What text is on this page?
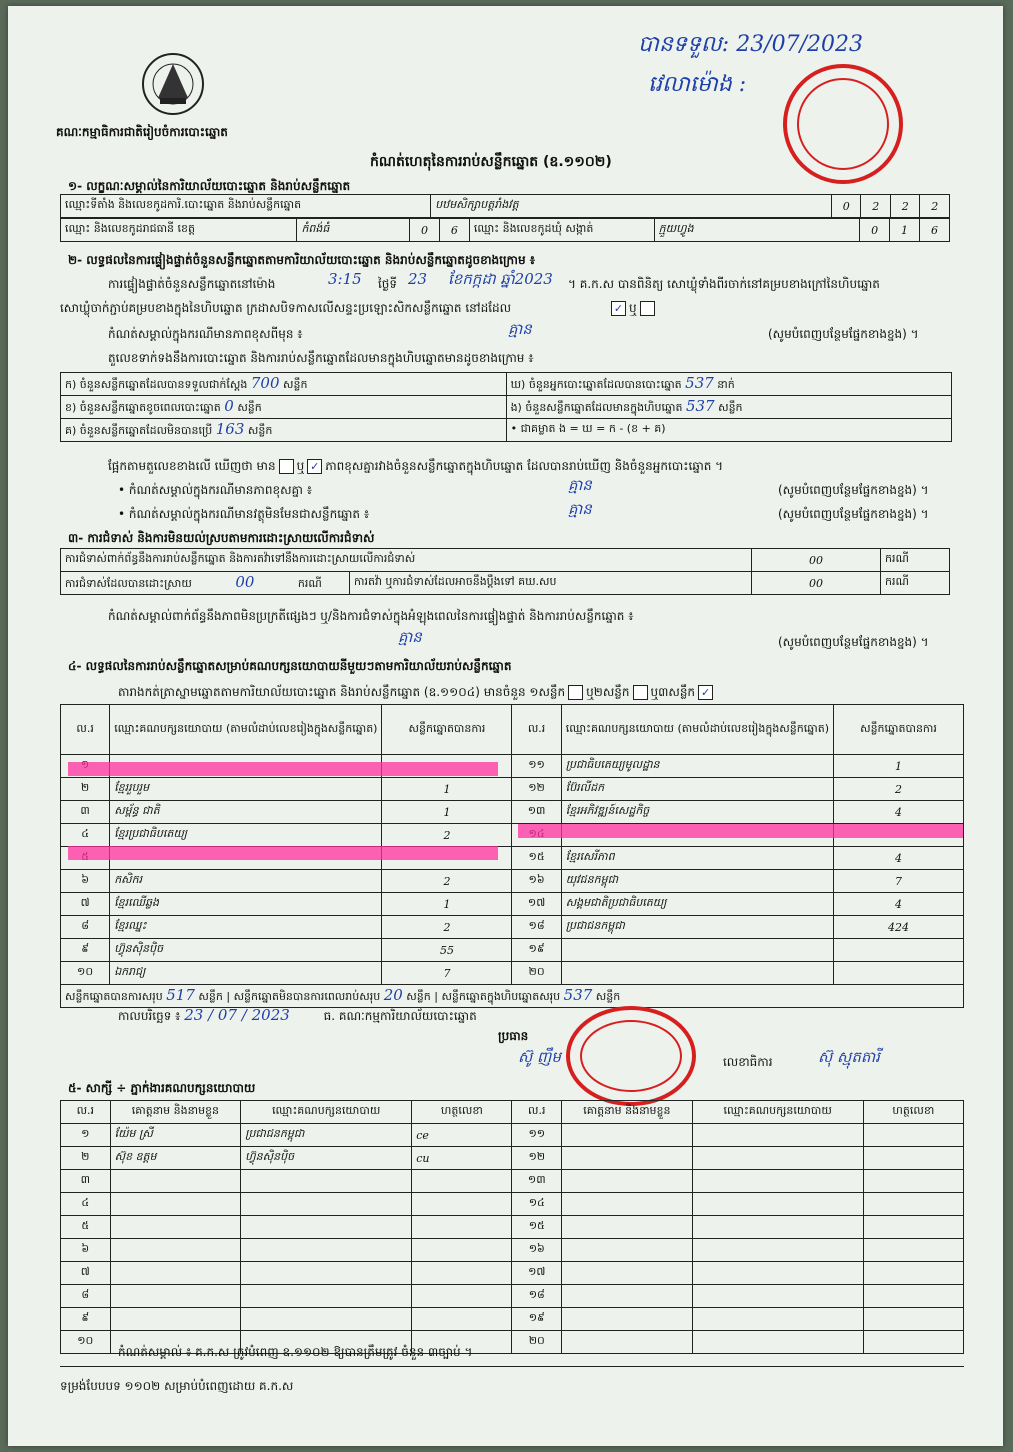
គណៈកម្មាធិការជាតិរៀបចំការបោះឆ្នោត
បានទទួល: 23/07/2023
វេលាម៉ោង :
កំណត់ហេតុនៃការរាប់សន្លឹកឆ្នោត (ឧ.១១០២)
១- លក្ខណៈសម្គាល់នៃការិយាល័យបោះឆ្នោត និងរាប់សន្លឹកឆ្នោត
ឈ្មោះទីតាំង និងលេខកូដការិ.បោះឆ្នោត និងរាប់សន្លឹកឆ្នោត	បឋមសិក្សាបត្តរាំងវត្ត	0	2	2	2
ឈ្មោះ និងលេខកូដរាជធានី ខេត្ត	កំពង់ធំ	0	6	ឈ្មោះ និងលេខកូដឃុំ សង្កាត់	ក្មួយហ្វូង	0	1	6
២- លទ្ធផលនៃការផ្ទៀងផ្ទាត់ចំនួនសន្លឹកឆ្នោតតាមការិយាល័យបោះឆ្នោត និងរាប់សន្លឹកឆ្នោតដូចខាងក្រោម ៖
ការផ្ទៀងផ្ទាត់ចំនួនសន្លឹកឆ្នោតនៅម៉ោង	3:15 ថ្ងៃទី 23 ខែកក្កដា ឆ្នាំ2023 ។ គ.ក.ស បានពិនិត្យ សោឃ្លុំទាំងពីរចាក់នៅគម្របខាងក្រៅនៃហិបឆ្នោត
សោឃ្លុំចាក់ភ្ជាប់គម្របខាងក្នុងនៃហិបឆ្នោត ក្រដាសបិទកាសលើសន្ទះប្រឡោះសិកសន្លឹកឆ្នោត នៅដដែល	✓ ឬ
កំណត់សម្គាល់ក្នុងករណីមានភាពខុសពីមុន ៖	គ្មាន	(សូមបំពេញបន្ថែមផ្នែកខាងខ្នង) ។
តួលេខទាក់ទងនឹងការបោះឆ្នោត និងការរាប់សន្លឹកឆ្នោតដែលមានក្នុងហិបឆ្នោតមានដូចខាងក្រោម ៖
ក) ចំនួនសន្លឹកឆ្នោតដែលបានទទួលជាក់ស្តែង 700 សន្លឹក	ឃ) ចំនួនអ្នកបោះឆ្នោតដែលបានបោះឆ្នោត 537 នាក់
ខ) ចំនួនសន្លឹកឆ្នោតខូចពេលបោះឆ្នោត 0 សន្លឹក	ង) ចំនួនសន្លឹកឆ្នោតដែលមានក្នុងហិបឆ្នោត 537 សន្លឹក
គ) ចំនួនសន្លឹកឆ្នោតដែលមិនបានប្រើ 163 សន្លឹក	• ជាគម្លាត ង = ឃ = ក - (ខ + គ)
ផ្អែកតាមតួលេខខាងលើ ឃើញថា មាន ឬ ✓ ភាពខុសគ្នារវាងចំនួនសន្លឹកឆ្នោតក្នុងហិបឆ្នោត ដែលបានរាប់ឃើញ និងចំនួនអ្នកបោះឆ្នោត ។
• កំណត់សម្គាល់ក្នុងករណីមានភាពខុសគ្នា ៖	គ្មាន	(សូមបំពេញបន្ថែមផ្នែកខាងខ្នង) ។
• កំណត់សម្គាល់ក្នុងករណីមានវត្ថុមិនមែនជាសន្លឹកឆ្នោត ៖	គ្មាន	(សូមបំពេញបន្ថែមផ្នែកខាងខ្នង) ។
៣- ការជំទាស់ និងការមិនយល់ស្របតាមការដោះស្រាយលើការជំទាស់
ការជំទាស់ពាក់ព័ន្ធនឹងការរាប់សន្លឹកឆ្នោត និងការតវ៉ាទៅនឹងការដោះស្រាយលើការជំទាស់		00	ករណី
ការជំទាស់ដែលបានដោះស្រាយ 00 ករណី	ការតវ៉ា ឬការជំទាស់ដែលអាចនឹងប្តឹងទៅ គឃ.សប	00	ករណី
កំណត់សម្គាល់ពាក់ព័ន្ធនឹងភាពមិនប្រក្រតីផ្សេងៗ ឬ/និងការជំទាស់ក្នុងអំឡុងពេលនៃការផ្ទៀងផ្ទាត់ និងការរាប់សន្លឹកឆ្នោត ៖
គ្មាន	(សូមបំពេញបន្ថែមផ្នែកខាងខ្នង) ។
៤- លទ្ធផលនៃការរាប់សន្លឹកឆ្នោតសម្រាប់គណបក្សនយោបាយនីមួយៗតាមការិយាល័យរាប់សន្លឹកឆ្នោត
តារាងកត់ត្រាស្នាមឆ្នោតតាមការិយាល័យបោះឆ្នោត និងរាប់សន្លឹកឆ្នោត (ឧ.១១០៤) មានចំនួន ១សន្លឹក ឬ២សន្លឹក ឬ៣សន្លឹក ✓
ល.រ	ឈ្មោះគណបក្សនយោបាយ (តាមលំដាប់លេខរៀងក្នុងសន្លឹកឆ្នោត)	សន្លឹកឆ្នោតបានការ	ល.រ	ឈ្មោះគណបក្សនយោបាយ (តាមលំដាប់លេខរៀងក្នុងសន្លឹកឆ្នោត)	សន្លឹកឆ្នោតបានការ
			១១	ប្រជាធិបតេយ្យមូលដ្ឋាន	1
២	ខ្មែររួបរួម	1	១២	ប៊ែរលីដក	2
៣	សម្ព័ន្ធ ជាតិ	1	១៣	ខ្មែរអភិវឌ្ឍន៍សេដ្ឋកិច្ច	4
៤	ខ្មែរប្រជាធិបតេយ្យ	2			
			១៥	ខ្មែរសេរីភាព	4
៦	កសិករ	2	១៦	យុវជនកម្ពុជា	7
៧	ខ្មែរឈើឆ្លង	1	១៧	សង្គមជាតិប្រជាធិបតេយ្យ	4
៨	ខ្មែរឈ្នះ	2	១៨	ប្រជាជនកម្ពុជា	424
៩	ហ៊្វុនស៊ិនប៉ិច	55	១៩		
១០	ឯករាជ្យ	7	២០		
សន្លឹកឆ្នោតបានការសរុប 517 សន្លឹក | សន្លឹកឆ្នោតមិនបានការពេលរាប់សរុប 20 សន្លឹក | សន្លឹកឆ្នោតក្នុងហិបឆ្នោតសរុប 537 សន្លឹក					
កាលបរិច្ឆេទ ៖ 23 / 07 / 2023	ធ. គណៈកម្មការិយាល័យបោះឆ្នោត
ប្រធាន
ស៊ូ ញឹម	លេខាធិការ	ស៊ុ ស្មុតតារី
៥- សាក្សី ÷ ភ្នាក់ងារគណបក្សនយោបាយ
ល.រ	គោត្តនាម និងនាមខ្លួន	ឈ្មោះគណបក្សនយោបាយ	ហត្ថលេខា	ល.រ	គោត្តនាម និងនាមខ្លួន	ឈ្មោះគណបក្សនយោបាយ	ហត្ថលេខា
១	យ៉ែម ស្រី	ប្រជាជនកម្ពុជា	ce	១១			
២	ស៊ុខ ឧត្តម	ហ៊្វុនស៊ិនប៉ិច	cu	១២			
៣				១៣			
៤				១៤			
៥				១៥			
៦				១៦			
៧				១៧			
៨				១៨			
៩				១៩			
១០				២០			
កំណត់សម្គាល់ ៖ គ.ក.ស ត្រូវបំពេញ ឧ.១១០២ ឱ្យបានត្រឹមត្រូវ ចំនួន ៣ច្បាប់ ។
ទម្រង់បែបបទ ១១០២ សម្រាប់បំពេញដោយ គ.ក.ស
